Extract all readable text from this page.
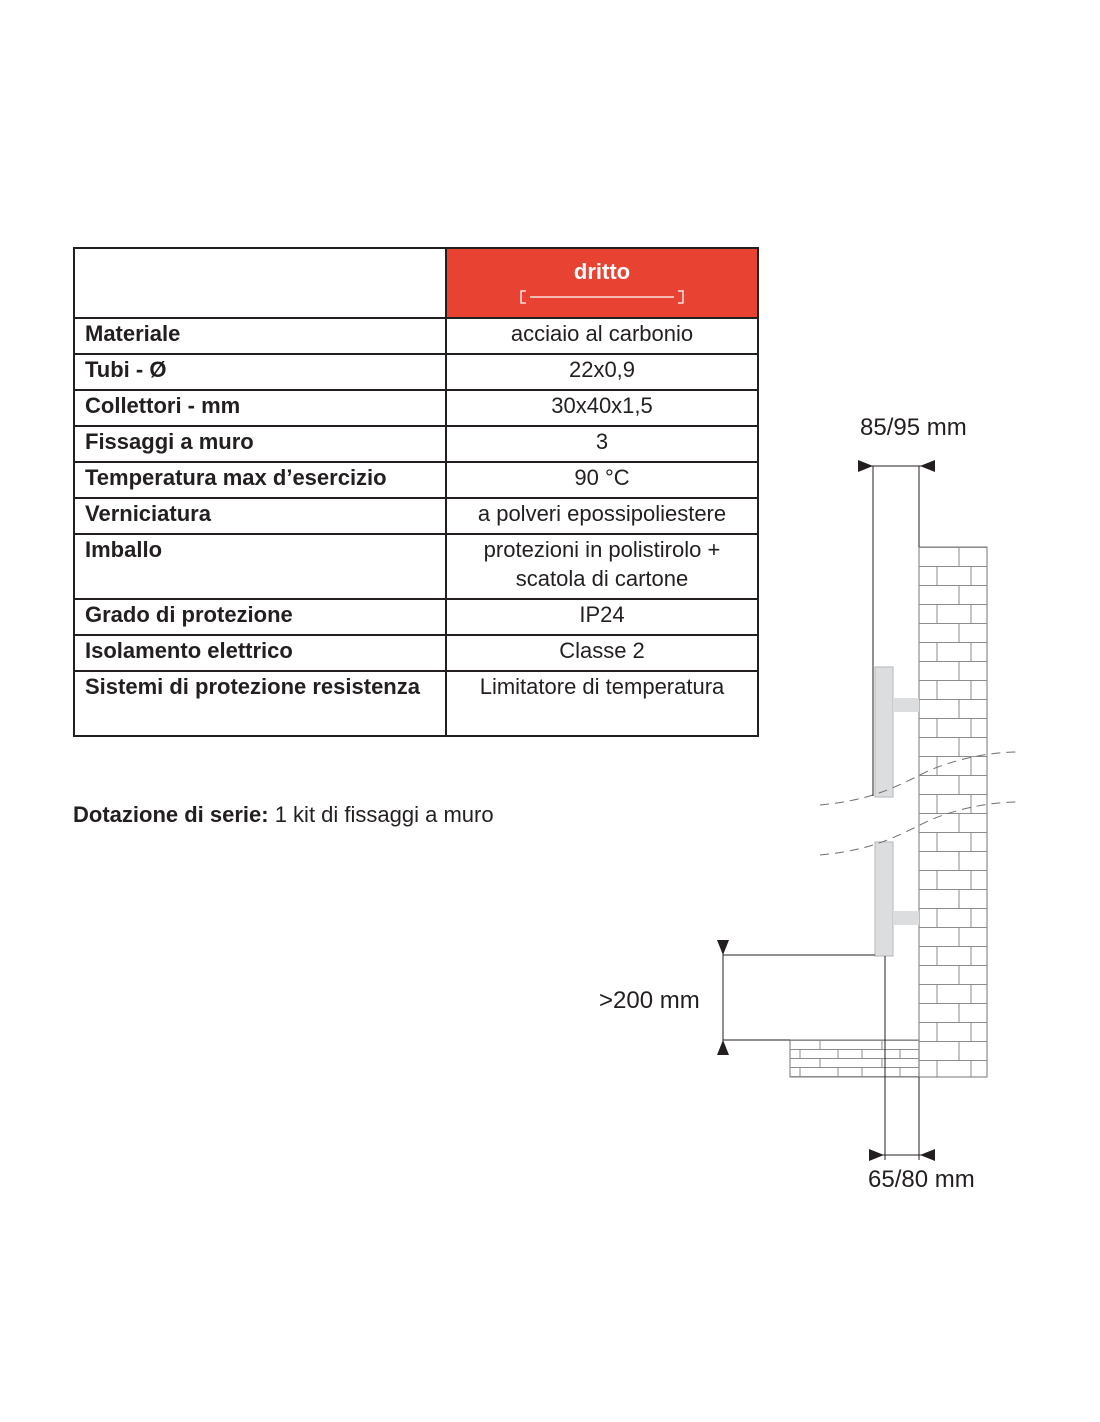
	dritto

Materiale	acciaio al carbonio
Tubi - Ø	22x0,9
Collettori - mm	30x40x1,5
Fissaggi a muro	3
Temperatura max d’esercizio	90 °C
Verniciatura	a polveri epossipoliestere
Imballo	protezioni in polistirolo + scatola di cartone
Grado di protezione	IP24
Isolamento elettrico	Classe 2
Sistemi di protezione resistenza	Limitatore di temperatura
Dotazione di serie: 1 kit di fissaggi a muro
85/95 mm
>200 mm
65/80 mm
